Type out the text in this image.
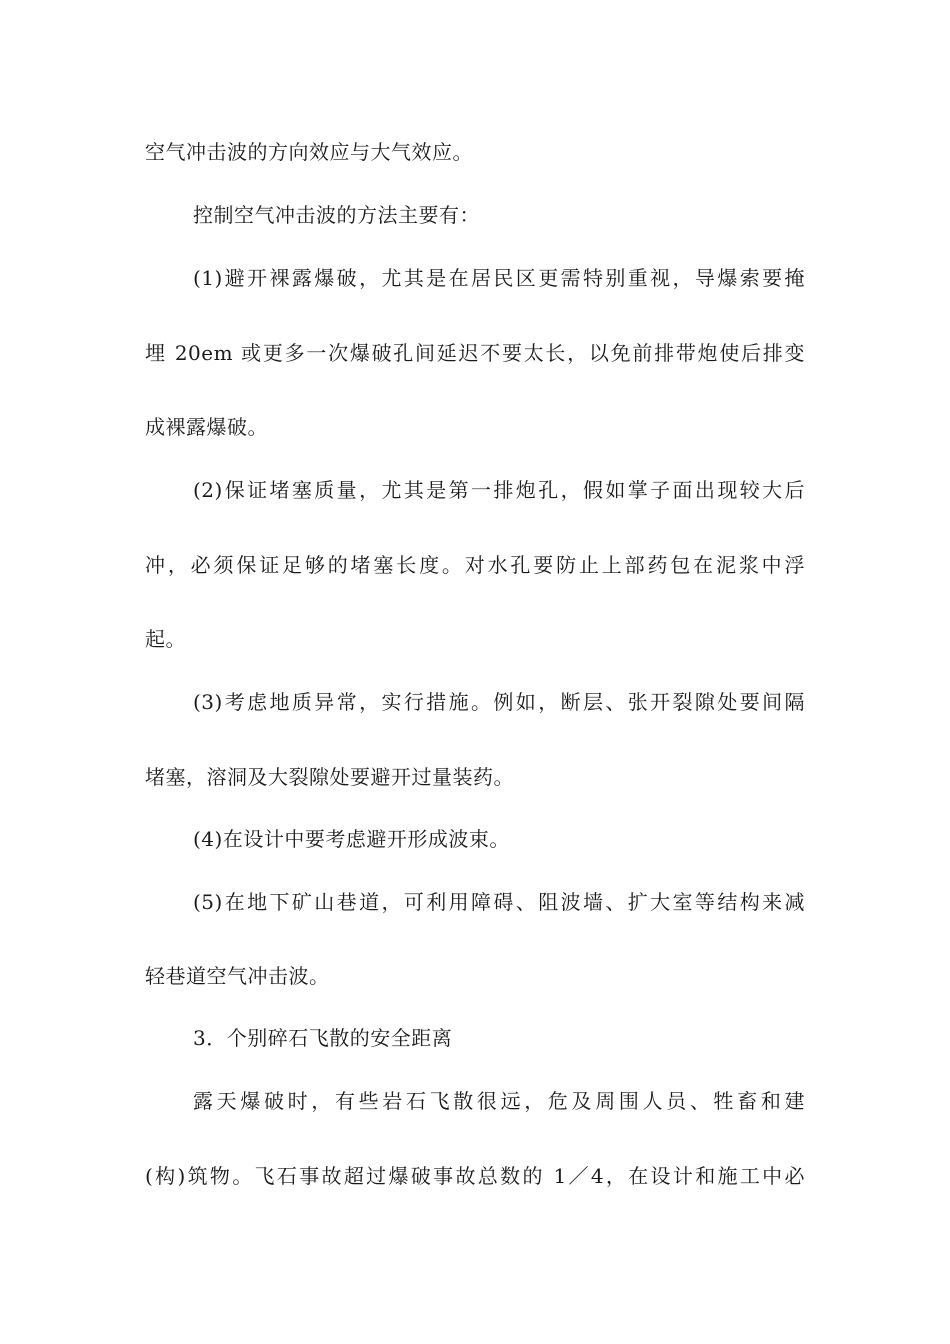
空气冲击波的方向效应与大气效应。
控制空气冲击波的方法主要有：
(1)避开裸露爆破，尤其是在居民区更需特别重视，导爆索要掩
埋 20em 或更多一次爆破孔间延迟不要太长，以免前排带炮使后排变
成裸露爆破。
(2)保证堵塞质量，尤其是第一排炮孔，假如掌子面出现较大后
冲，必须保证足够的堵塞长度。对水孔要防止上部药包在泥浆中浮
起。
(3)考虑地质异常，实行措施。例如，断层、张开裂隙处要间隔
堵塞，溶洞及大裂隙处要避开过量装药。
(4)在设计中要考虑避开形成波束。
(5)在地下矿山巷道，可利用障碍、阻波墙、扩大室等结构来减
轻巷道空气冲击波。
3．个别碎石飞散的安全距离
露天爆破时，有些岩石飞散很远，危及周围人员、牲畜和建
(构)筑物。飞石事故超过爆破事故总数的 1／4，在设计和施工中必
